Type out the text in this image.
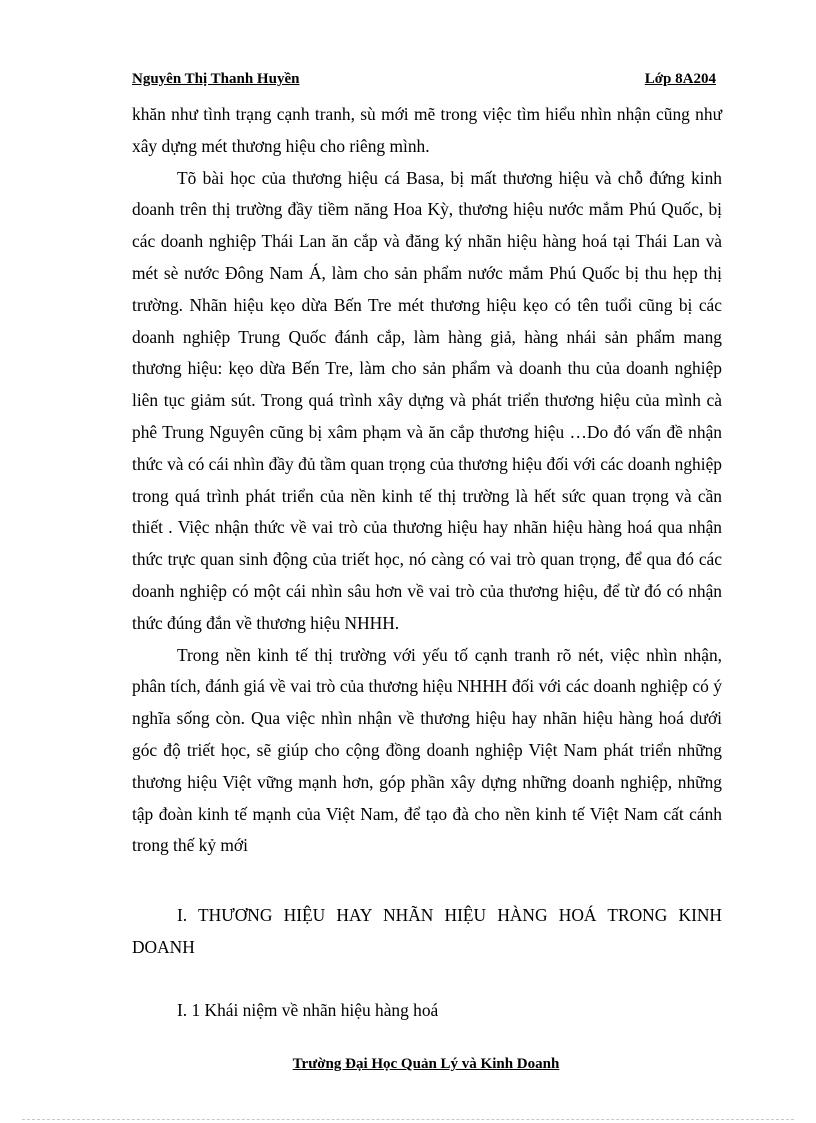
Nguyên Thị Thanh Huyền	Lớp 8A204

khăn như tình trạng cạnh tranh, sù mới mẽ trong việc tìm hiểu nhìn nhận cũng như xây dựng mét thương hiệu cho riêng mình.

Tõ bài học của thương hiệu cá Basa, bị mất thương hiệu và chỗ đứng kinh doanh trên thị trường đầy tiềm năng Hoa Kỳ, thương hiệu nước mắm Phú Quốc, bị các doanh nghiệp Thái Lan ăn cắp và đăng ký nhãn hiệu hàng hoá tại Thái Lan và mét sè nước Đông Nam Á, làm cho sản phẩm nước mắm Phú Quốc bị thu hẹp thị trường. Nhãn hiệu kẹo dừa Bến Tre mét thương hiệu kẹo có tên tuổi cũng bị các doanh nghiệp Trung Quốc đánh cắp, làm hàng giả, hàng nhái sản phẩm mang thương hiệu: kẹo dừa Bến Tre, làm cho sản phẩm và doanh thu của doanh nghiệp liên tục giảm sút. Trong quá trình xây dựng và phát triển thương hiệu của mình cà phê Trung Nguyên cũng bị xâm phạm và ăn cắp thương hiệu …Do đó vấn đề nhận thức và có cái nhìn đầy đủ tầm quan trọng của thương hiệu đối với các doanh nghiệp trong quá trình phát triển của nền kinh tế thị trường là hết sức quan trọng và cần thiết . Việc nhận thức về vai trò của thương hiệu hay nhãn hiệu hàng hoá qua nhận thức trực quan sinh động của triết học, nó càng có vai trò quan trọng, để qua đó các doanh nghiệp có một cái nhìn sâu hơn về vai trò của thương hiệu, để từ đó có nhận thức đúng đắn về thương hiệu NHHH.

Trong nền kinh tế thị trường với yếu tố cạnh tranh rõ nét, việc nhìn nhận, phân tích, đánh giá về vai trò của thương hiệu NHHH đối với các doanh nghiệp có ý nghĩa sống còn. Qua việc nhìn nhận về thương hiệu hay nhãn hiệu hàng hoá dưới góc độ triết học, sẽ giúp cho cộng đồng doanh nghiệp Việt Nam phát triển những thương hiệu Việt vững mạnh hơn, góp phần xây dựng những doanh nghiệp, những tập đoàn kinh tế mạnh của Việt Nam, để tạo đà cho nền kinh tế Việt Nam cất cánh trong thế kỷ mới

I. THƯƠNG HIỆU HAY NHÃN HIỆU HÀNG HOÁ TRONG KINH DOANH

I. 1 Khái niệm về nhãn hiệu hàng hoá

Trường Đại Học Quản Lý và Kinh Doanh
